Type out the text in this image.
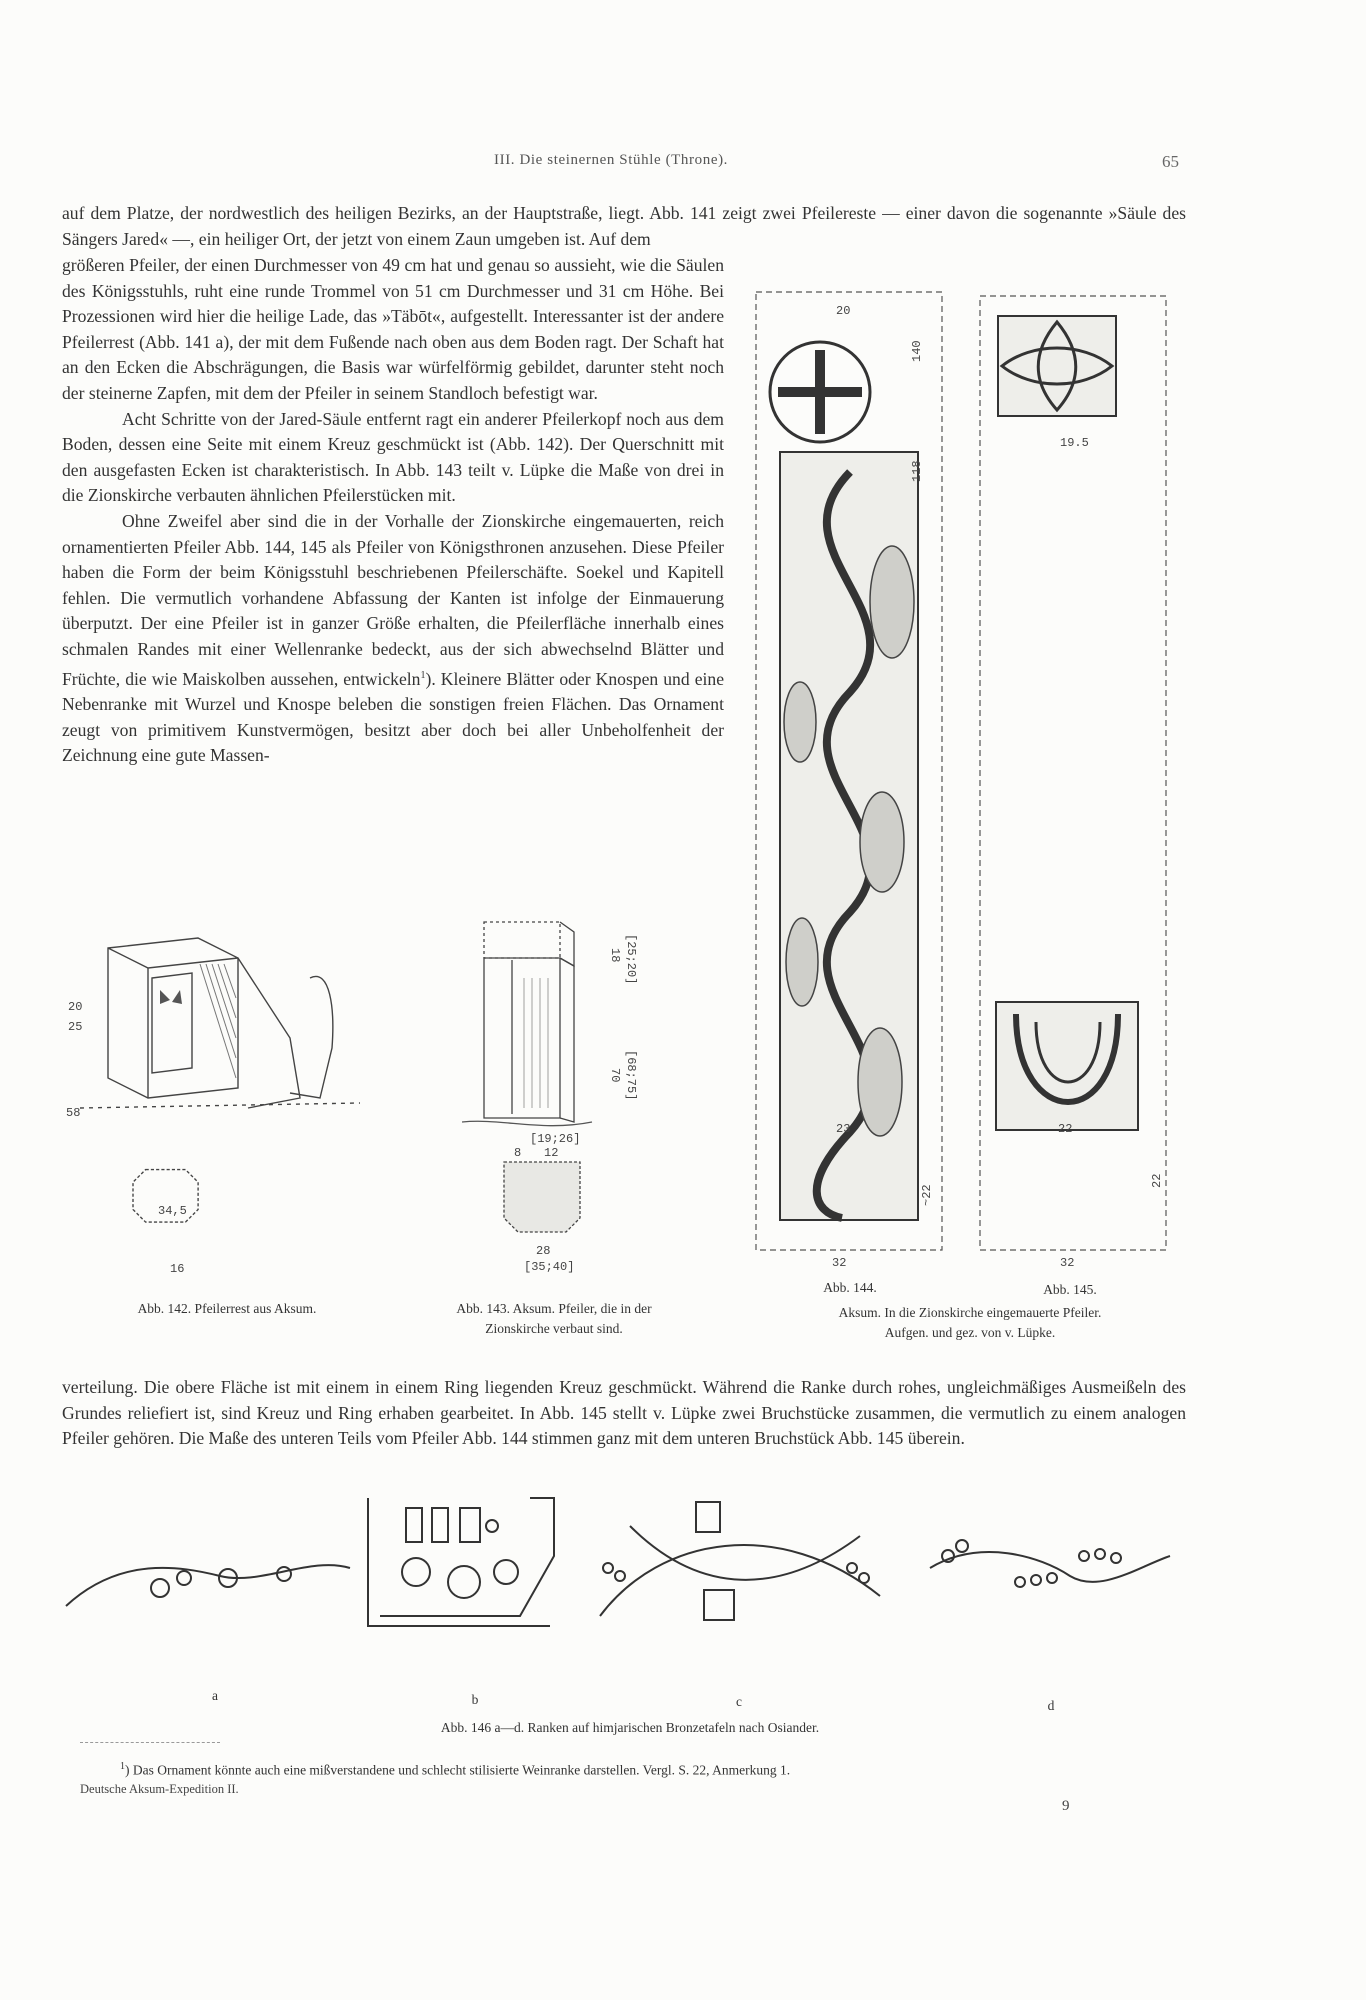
III. Die steinernen Stühle (Throne).	65

auf dem Platze, der nordwestlich des heiligen Bezirks, an der Hauptstraße, liegt. Abb. 141 zeigt zwei Pfeilereste — einer davon die sogenannte »Säule des Sängers Jared« —, ein heiliger Ort, der jetzt von einem Zaun umgeben ist. Auf dem

größeren Pfeiler, der einen Durchmesser von 49 cm hat und genau so aussieht, wie die Säulen des Königsstuhls, ruht eine runde Trommel von 51 cm Durchmesser und 31 cm Höhe. Bei Prozessionen wird hier die heilige Lade, das »Täbōt«, aufgestellt. Interessanter ist der andere Pfeilerrest (Abb. 141 a), der mit dem Fußende nach oben aus dem Boden ragt. Der Schaft hat an den Ecken die Abschrägungen, die Basis war würfelförmig gebildet, darunter steht noch der steinerne Zapfen, mit dem der Pfeiler in seinem Standloch befestigt war.

Acht Schritte von der Jared-Säule entfernt ragt ein anderer Pfeilerkopf noch aus dem Boden, dessen eine Seite mit einem Kreuz geschmückt ist (Abb. 142). Der Querschnitt mit den ausgefasten Ecken ist charakteristisch. In Abb. 143 teilt v. Lüpke die Maße von drei in die Zionskirche verbauten ähnlichen Pfeilerstücken mit.

Ohne Zweifel aber sind die in der Vorhalle der Zionskirche eingemauerten, reich ornamentierten Pfeiler Abb. 144, 145 als Pfeiler von Königsthronen anzusehen. Diese Pfeiler haben die Form der beim Königsstuhl beschriebenen Pfeilerschäfte. Soekel und Kapitell fehlen. Die vermutlich vorhandene Abfassung der Kanten ist infolge der Einmauerung überputzt. Der eine Pfeiler ist in ganzer Größe erhalten, die Pfeilerfläche innerhalb eines schmalen Randes mit einer Wellenranke bedeckt, aus der sich abwechselnd Blätter und Früchte, die wie Maiskolben aussehen, entwickeln$^1$). Kleinere Blätter oder Knospen und eine Nebenranke mit Wurzel und Knospe beleben die sonstigen freien Flächen. Das Ornament zeugt von primitivem Kunstvermögen, besitzt aber doch bei aller Unbeholfenheit der Zeichnung eine gute Massen-

20
25
58
34,5
16
Abb. 142. Pfeilerrest aus Aksum.
18 [25;20]
70 [68;75]
[19;26]
8 12
28
[35;40]
Abb. 143. Aksum. Pfeiler, die in der
Zionskirche verbaut sind.
20
140
118
23
~22
32
19.5
22
22
32
Abb. 144.	Abb. 145.
Aksum. In die Zionskirche eingemauerte Pfeiler.
Aufgen. und gez. von v. Lüpke.

verteilung. Die obere Fläche ist mit einem in einem Ring liegenden Kreuz geschmückt. Während die Ranke durch rohes, ungleichmäßiges Ausmeißeln des Grundes reliefiert ist, sind Kreuz und Ring erhaben gearbeitet. In Abb. 145 stellt v. Lüpke zwei Bruchstücke zusammen, die vermutlich zu einem analogen Pfeiler gehören. Die Maße des unteren Teils vom Pfeiler Abb. 144 stimmen ganz mit dem unteren Bruchstück Abb. 145 überein.

a	b	c	d
Abb. 146 a—d. Ranken auf himjarischen Bronzetafeln nach Osiander.
$^1$) Das Ornament könnte auch eine mißverstandene und schlecht stilisierte Weinranke darstellen. Vergl. S. 22, Anmerkung 1.
Deutsche Aksum-Expedition II.
9
